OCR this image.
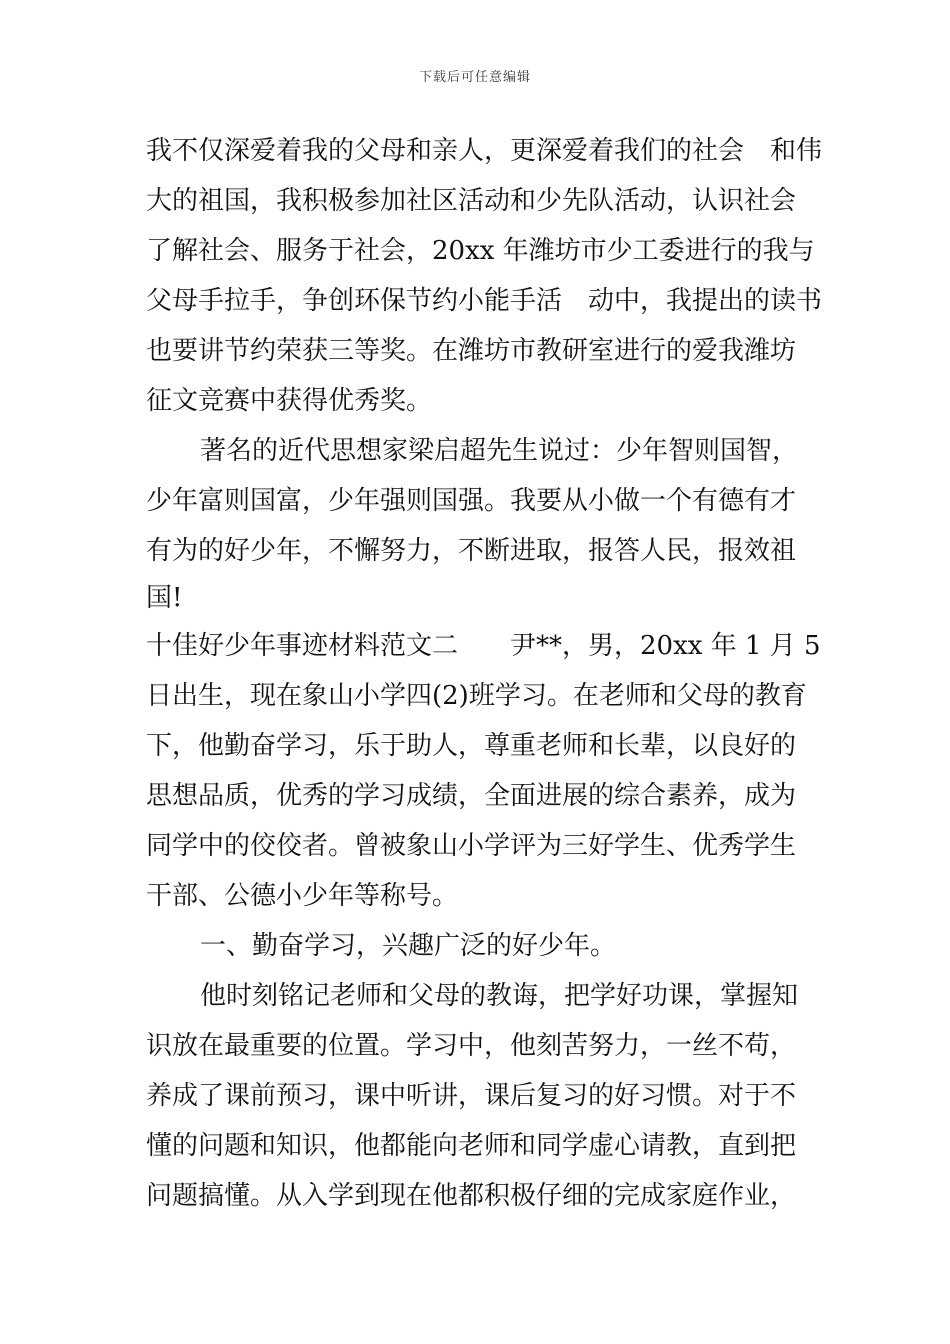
下载后可任意编辑
我不仅深爱着我的父母和亲人，更深爱着我们的社会　和伟
大的祖国，我积极参加社区活动和少先队活动，认识社会
了解社会、服务于社会，20xx 年潍坊市少工委进行的我与
父母手拉手，争创环保节约小能手活　动中，我提出的读书
也要讲节约荣获三等奖。在潍坊市教研室进行的爱我潍坊
征文竞赛中获得优秀奖。
著名的近代思想家梁启超先生说过：少年智则国智，
少年富则国富，少年强则国强。我要从小做一个有德有才
有为的好少年，不懈努力，不断进取，报答人民，报效祖
国!
十佳好少年事迹材料范文二　　尹**，男，20xx 年 1 月 5
日出生，现在象山小学四(2)班学习。在老师和父母的教育
下，他勤奋学习，乐于助人，尊重老师和长辈，以良好的
思想品质，优秀的学习成绩，全面进展的综合素养，成为
同学中的佼佼者。曾被象山小学评为三好学生、优秀学生
干部、公德小少年等称号。
一、勤奋学习，兴趣广泛的好少年。
他时刻铭记老师和父母的教诲，把学好功课，掌握知
识放在最重要的位置。学习中，他刻苦努力，一丝不苟，
养成了课前预习，课中听讲，课后复习的好习惯。对于不
懂的问题和知识，他都能向老师和同学虚心请教，直到把
问题搞懂。从入学到现在他都积极仔细的完成家庭作业，
